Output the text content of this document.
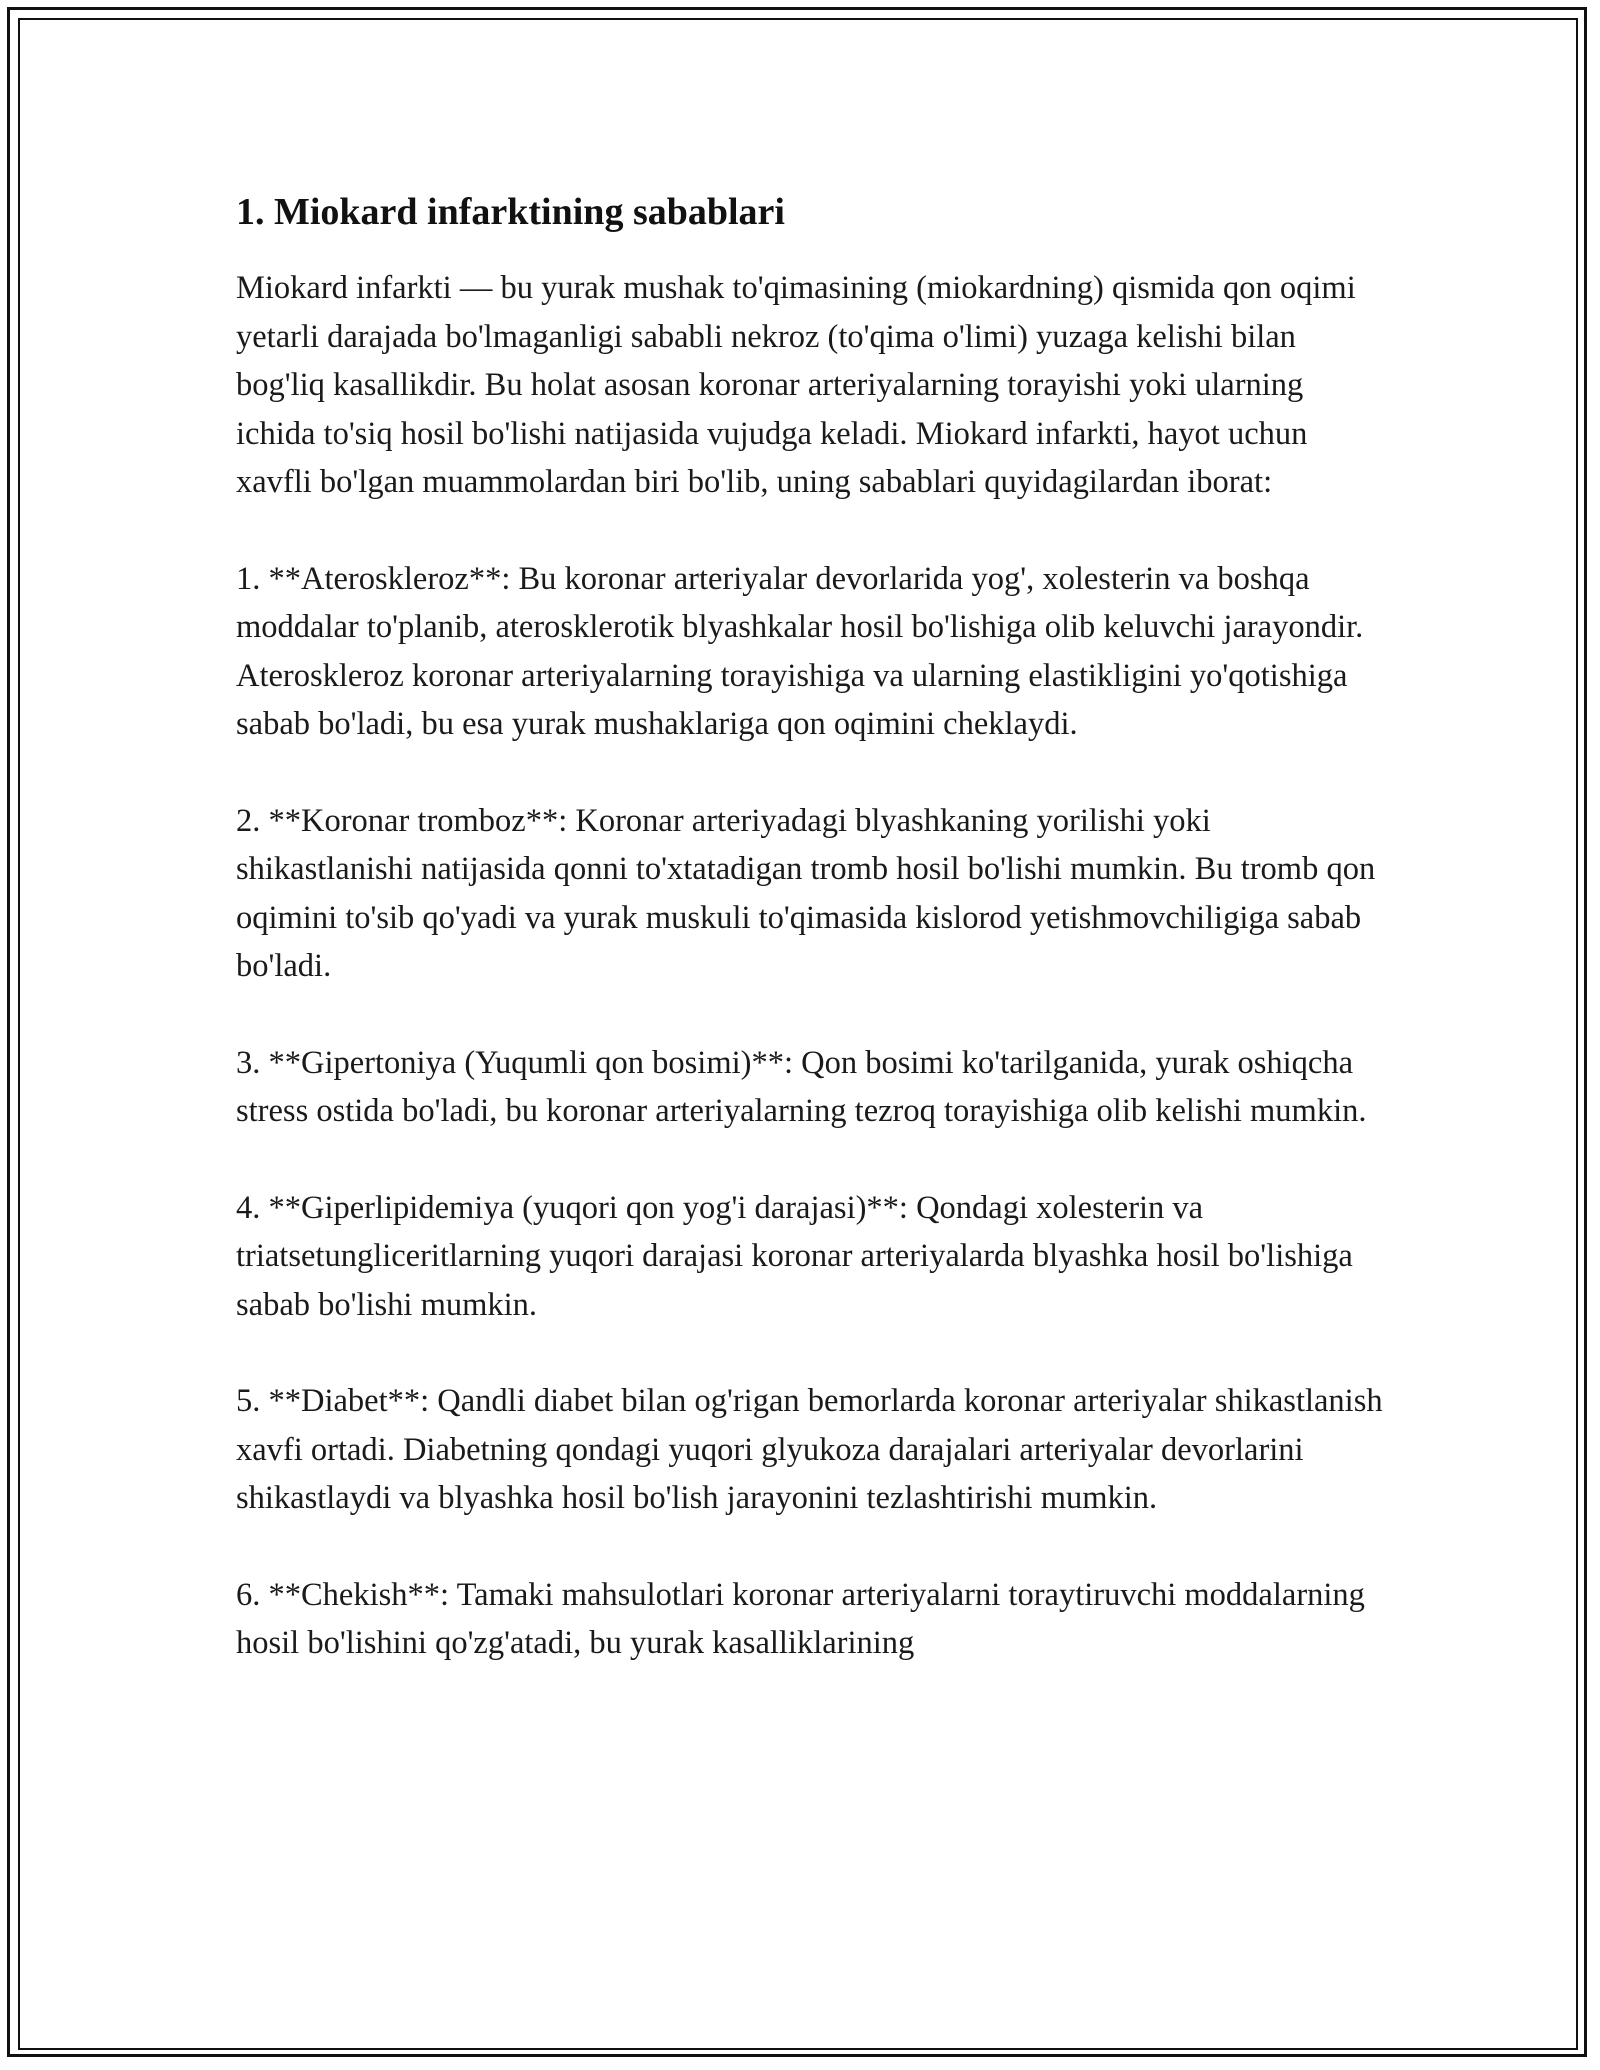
1. Miokard infarktining sabablari

Miokard infarkti — bu yurak mushak to'qimasining (miokardning) qismida qon oqimi yetarli darajada bo'lmaganligi sababli nekroz (to'qima o'limi) yuzaga kelishi bilan bog'liq kasallikdir. Bu holat asosan koronar arteriyalarning torayishi yoki ularning ichida to'siq hosil bo'lishi natijasida vujudga keladi. Miokard infarkti, hayot uchun xavfli bo'lgan muammolardan biri bo'lib, uning sabablari quyidagilardan iborat:

1. **Ateroskleroz**: Bu koronar arteriyalar devorlarida yog', xolesterin va boshqa moddalar to'planib, aterosklerotik blyashkalar hosil bo'lishiga olib keluvchi jarayondir. Ateroskleroz koronar arteriyalarning torayishiga va ularning elastikligini yo'qotishiga sabab bo'ladi, bu esa yurak mushaklariga qon oqimini cheklaydi.

2. **Koronar tromboz**: Koronar arteriyadagi blyashkaning yorilishi yoki shikastlanishi natijasida qonni to'xtatadigan tromb hosil bo'lishi mumkin. Bu tromb qon oqimini to'sib qo'yadi va yurak muskuli to'qimasida kislorod yetishmovchiligiga sabab bo'ladi.

3. **Gipertoniya (Yuqumli qon bosimi)**: Qon bosimi ko'tarilganida, yurak oshiqcha stress ostida bo'ladi, bu koronar arteriyalarning tezroq torayishiga olib kelishi mumkin.

4. **Giperlipidemiya (yuqori qon yog'i darajasi)**: Qondagi xolesterin va triatsetungliceritlarning yuqori darajasi koronar arteriyalarda blyashka hosil bo'lishiga sabab bo'lishi mumkin.

5. **Diabet**: Qandli diabet bilan og'rigan bemorlarda koronar arteriyalar shikastlanish xavfi ortadi. Diabetning qondagi yuqori glyukoza darajalari arteriyalar devorlarini shikastlaydi va blyashka hosil bo'lish jarayonini tezlashtirishi mumkin.

6. **Chekish**: Tamaki mahsulotlari koronar arteriyalarni toraytiruvchi moddalarning hosil bo'lishini qo'zg'atadi, bu yurak kasalliklarining
